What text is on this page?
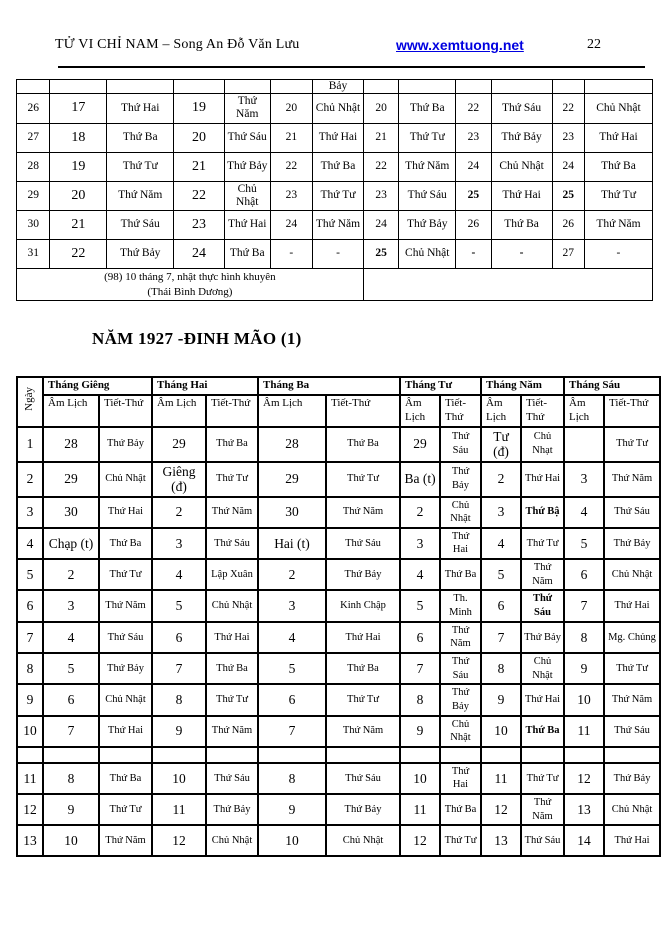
TỬ VI CHỈ NAM – Song An Đỗ Văn Lưu	www.xemtuong.net	22
						Bảy						
26	17	Thứ Hai	19	Thứ Năm	20	Chủ Nhật	20	Thứ Ba	22	Thứ Sáu	22	Chủ Nhật
27	18	Thứ Ba	20	Thứ Sáu	21	Thứ Hai	21	Thứ Tư	23	Thứ Bảy	23	Thứ Hai
28	19	Thứ Tư	21	Thứ Bảy	22	Thứ Ba	22	Thứ Năm	24	Chủ Nhật	24	Thứ Ba
29	20	Thứ Năm	22	Chủ Nhật	23	Thứ Tư	23	Thứ Sáu	25	Thứ Hai	25	Thứ Tư
30	21	Thứ Sáu	23	Thứ Hai	24	Thứ Năm	24	Thứ Bảy	26	Thứ Ba	26	Thứ Năm
31	22	Thứ Bảy	24	Thứ Ba	-	-	25	Chủ Nhật	-	-	27	-

(98) 10 tháng 7, nhật thực hình khuyên
(Thái Bình Dương)												

NĂM 1927 -ĐINH MÃO (1)
Ngày	Tháng Giêng		Tháng Hai		Tháng Ba		Tháng Tư		Tháng Năm		Tháng Sáu	
	Âm Lịch	Tiết-Thứ	Âm Lịch	Tiết-Thứ	Âm Lịch	Tiết-Thứ	Âm Lịch	Tiết-Thứ	Âm Lịch	Tiết-Thứ	Âm Lịch	Tiết-Thứ
1	28	Thứ Bảy	29	Thứ Ba	28	Thứ Ba	29	Thứ Sáu	Tư (đ)	Chủ Nhạt		Thứ Tư
2	29	Chủ Nhật	Giêng (đ)	Thứ Tư	29	Thứ Tư	Ba (t)	Thứ Bảy	2	Thứ Hai	3	Thứ Năm
3	30	Thứ Hai	2	Thứ Năm	30	Thứ Năm	2	Chủ Nhật	3	Thứ Bậ	4	Thứ Sáu
4	Chạp (t)	Thứ Ba	3	Thứ Sáu	Hai (t)	Thứ Sáu	3	Thứ Hai	4	Thứ Tư	5	Thứ Bảy
5	2	Thứ Tư	4	Lập Xuân	2	Thứ Bảy	4	Thứ Ba	5	Thứ Năm	6	Chủ Nhật
6	3	Thứ Năm	5	Chủ Nhật	3	Kinh Chập	5	Th. Minh	6	Thứ Sáu	7	Thứ Hai
7	4	Thứ Sáu	6	Thứ Hai	4	Thứ Hai	6	Thứ Năm	7	Thứ Bảy	8	Mg. Chủng
8	5	Thứ Bảy	7	Thứ Ba	5	Thứ Ba	7	Thứ Sáu	8	Chủ Nhật	9	Thứ Tư
9	6	Chủ Nhật	8	Thứ Tư	6	Thứ Tư	8	Thứ Bảy	9	Thứ Hai	10	Thứ Năm
10	7	Thứ Hai	9	Thứ Năm	7	Thứ Năm	9	Chủ Nhật	10	Thứ Ba	11	Thứ Sáu

11	8	Thứ Ba	10	Thứ Sáu	8	Thứ Sáu	10	Thứ Hai	11	Thứ Tư	12	Thứ Bảy
12	9	Thứ Tư	11	Thứ Bảy	9	Thứ Bảy	11	Thứ Ba	12	Thứ Năm	13	Chủ Nhật
13	10	Thứ Năm	12	Chủ Nhật	10	Chủ Nhật	12	Thứ Tư	13	Thứ Sáu	14	Thứ Hai
